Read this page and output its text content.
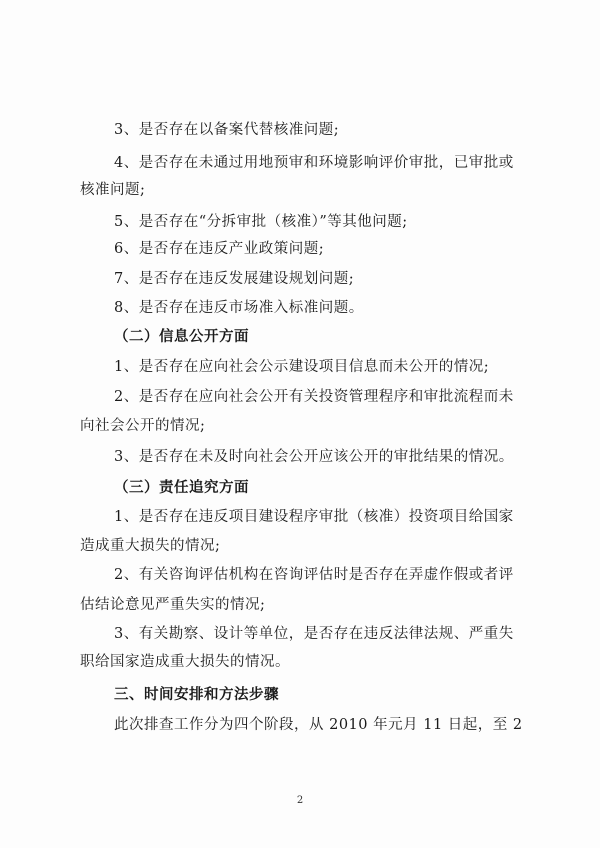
3、是否存在以备案代替核准问题;
4、是否存在未通过用地预审和环境影响评价审批，已审批或
核准问题;
5、是否存在“分拆审批（核准）”等其他问题;
6、是否存在违反产业政策问题;
7、是否存在违反发展建设规划问题;
8、是否存在违反市场准入标准问题。
（二）信息公开方面
1、是否存在应向社会公示建设项目信息而未公开的情况;
2、是否存在应向社会公开有关投资管理程序和审批流程而未
向社会公开的情况;
3、是否存在未及时向社会公开应该公开的审批结果的情况。
（三）责任追究方面
1、是否存在违反项目建设程序审批（核准）投资项目给国家
造成重大损失的情况;
2、有关咨询评估机构在咨询评估时是否存在弄虚作假或者评
估结论意见严重失实的情况;
3、有关勘察、设计等单位，是否存在违反法律法规、严重失
职给国家造成重大损失的情况。
三、时间安排和方法步骤
此次排查工作分为四个阶段，从 2010 年元月 11 日起，至 2
2
